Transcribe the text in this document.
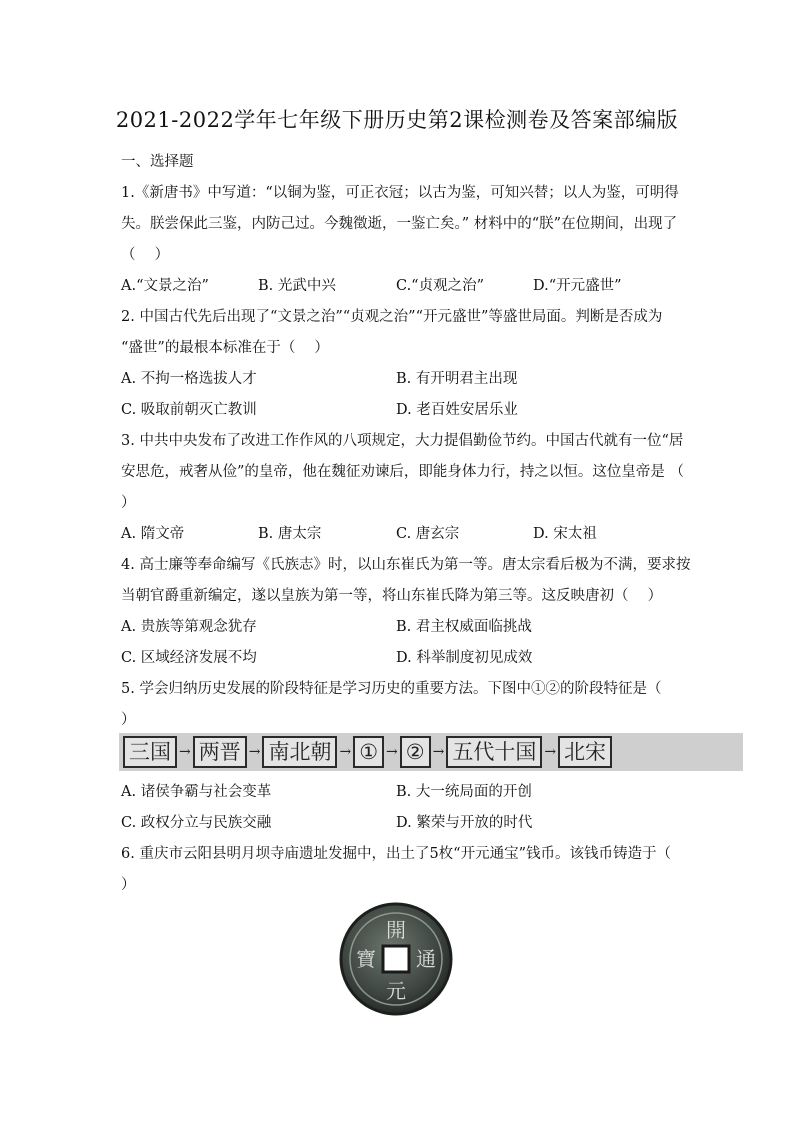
2021-2022学年七年级下册历史第2课检测卷及答案部编版
一、选择题
1.《新唐书》中写道：“以铜为鉴，可正衣冠；以古为鉴，可知兴替；以人为鉴，可明得
失。朕尝保此三鉴，内防己过。今魏徵逝，一鉴亡矣。” 材料中的“朕”在位期间，出现了
（　 ）
A.“文景之治”	B. 光武中兴	C.“贞观之治”	D.“开元盛世”
2. 中国古代先后出现了“文景之治”“贞观之治”“开元盛世”等盛世局面。判断是否成为
“盛世”的最根本标准在于（　 ）
A. 不拘一格选拔人才	B. 有开明君主出现
C. 吸取前朝灭亡教训	D. 老百姓安居乐业
3. 中共中央发布了改进工作作风的八项规定，大力提倡勤俭节约。中国古代就有一位“居
安思危，戒奢从俭”的皇帝，他在魏征劝谏后，即能身体力行，持之以恒。这位皇帝是 （
）
A. 隋文帝	B. 唐太宗	C. 唐玄宗	D. 宋太祖
4. 高士廉等奉命编写《氏族志》时，以山东崔氏为第一等。唐太宗看后极为不满，要求按
当朝官爵重新编定，遂以皇族为第一等，将山东崔氏降为第三等。这反映唐初（　 ）
A. 贵族等第观念犹存	B. 君主权威面临挑战
C. 区域经济发展不均	D. 科举制度初见成效
5. 学会归纳历史发展的阶段特征是学习历史的重要方法。下图中①②的阶段特征是（
）
三国 → 两晋 → 南北朝 → ① → ② → 五代十国 → 北宋
A. 诸侯争霸与社会变革	B. 大一统局面的开创
C. 政权分立与民族交融	D. 繁荣与开放的时代
6. 重庆市云阳县明月坝寺庙遗址发掘中，出土了5枚“开元通宝”钱币。该钱币铸造于（
）
開
通
寶
元
